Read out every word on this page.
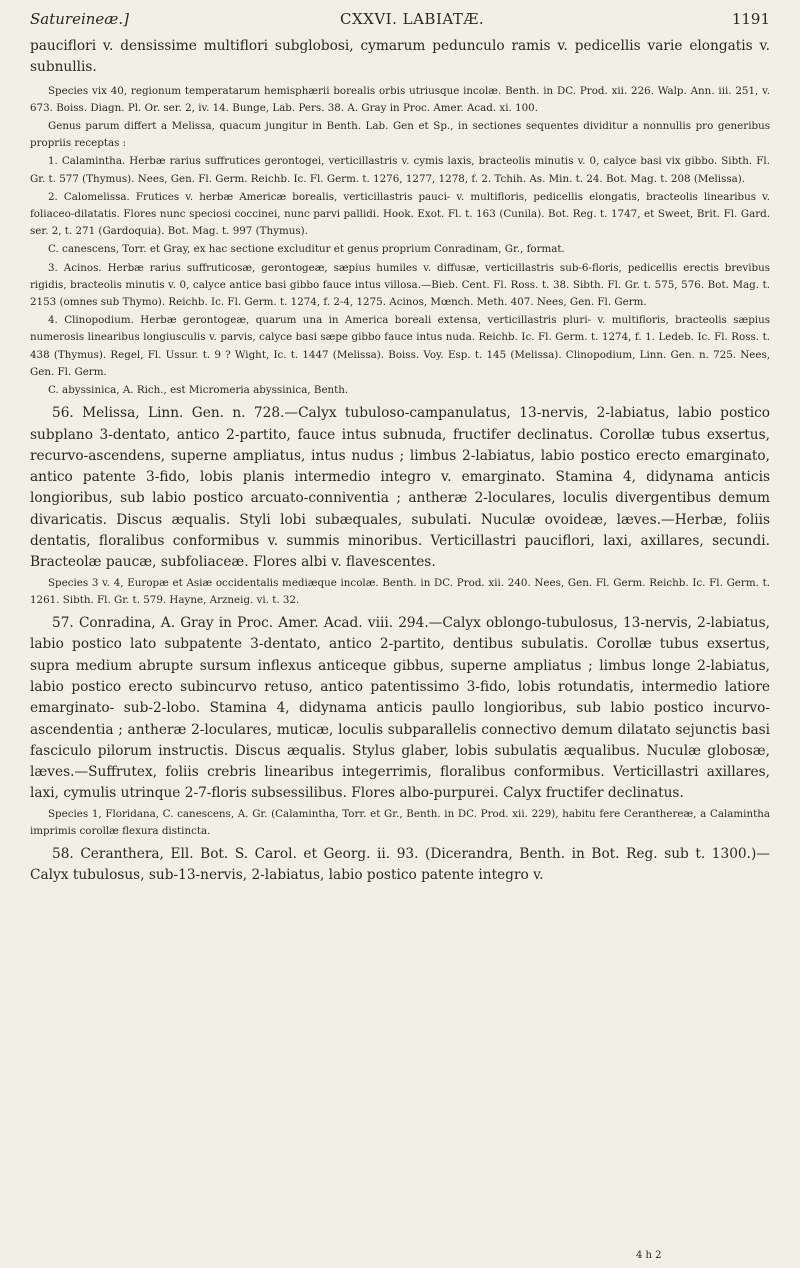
Satureineæ.]	CXXVI. LABIATÆ.	1191

pauciflori v. densissime multiflori subglobosi, cymarum pedunculo ramis v. pedicellis varie elongatis v. subnullis.

Species vix 40, regionum temperatarum hemisphærii borealis orbis utriusque incolæ. Benth. in DC. Prod. xii. 226. Walp. Ann. iii. 251, v. 673. Boiss. Diagn. Pl. Or. ser. 2, iv. 14. Bunge, Lab. Pers. 38. A. Gray in Proc. Amer. Acad. xi. 100.

Genus parum differt a Melissa, quacum jungitur in Benth. Lab. Gen et Sp., in sectiones sequentes dividitur a nonnullis pro generibus propriis receptas :

1. Calamintha. Herbæ rarius suffrutices gerontogei, verticillastris v. cymis laxis, bracteolis minutis v. 0, calyce basi vix gibbo. Sibth. Fl. Gr. t. 577 (Thymus). Nees, Gen. Fl. Germ. Reichb. Ic. Fl. Germ. t. 1276, 1277, 1278, f. 2. Tchih. As. Min. t. 24. Bot. Mag. t. 208 (Melissa).

2. Calomelissa. Frutices v. herbæ Americæ borealis, verticillastris pauci- v. multifloris, pedicellis elongatis, bracteolis linearibus v. foliaceo-dilatatis. Flores nunc speciosi coccinei, nunc parvi pallidi. Hook. Exot. Fl. t. 163 (Cunila). Bot. Reg. t. 1747, et Sweet, Brit. Fl. Gard. ser. 2, t. 271 (Gardoquia). Bot. Mag. t. 997 (Thymus).

C. canescens, Torr. et Gray, ex hac sectione excluditur et genus proprium Conradinam, Gr., format.

3. Acinos. Herbæ rarius suffruticosæ, gerontogeæ, sæpius humiles v. diffusæ, verticillastris sub-6-floris, pedicellis erectis brevibus rigidis, bracteolis minutis v. 0, calyce antice basi gibbo fauce intus villosa.—Bieb. Cent. Fl. Ross. t. 38. Sibth. Fl. Gr. t. 575, 576. Bot. Mag. t. 2153 (omnes sub Thymo). Reichb. Ic. Fl. Germ. t. 1274, f. 2-4, 1275. Acinos, Mœnch. Meth. 407. Nees, Gen. Fl. Germ.

4. Clinopodium. Herbæ gerontogeæ, quarum una in America boreali extensa, verticillastris pluri- v. multifloris, bracteolis sæpius numerosis linearibus longiusculis v. parvis, calyce basi sæpe gibbo fauce intus nuda. Reichb. Ic. Fl. Germ. t. 1274, f. 1. Ledeb. Ic. Fl. Ross. t. 438 (Thymus). Regel, Fl. Ussur. t. 9 ? Wight, Ic. t. 1447 (Melissa). Boiss. Voy. Esp. t. 145 (Melissa). Clinopodium, Linn. Gen. n. 725. Nees, Gen. Fl. Germ.

C. abyssinica, A. Rich., est Micromeria abyssinica, Benth.

56. Melissa, Linn. Gen. n. 728.—Calyx tubuloso-campanulatus, 13-nervis, 2-labiatus, labio postico subplano 3-dentato, antico 2-partito, fauce intus subnuda, fructifer declinatus. Corollæ tubus exsertus, recurvo-ascendens, superne ampliatus, intus nudus ; limbus 2-labiatus, labio postico erecto emarginato, antico patente 3-fido, lobis planis intermedio integro v. emarginato. Stamina 4, didynama anticis longioribus, sub labio postico arcuato-conniventia ; antheræ 2-loculares, loculis divergentibus demum divaricatis. Discus æqualis. Styli lobi subæquales, subulati. Nuculæ ovoideæ, læves.—Herbæ, foliis dentatis, floralibus conformibus v. summis minoribus. Verticillastri pauciflori, laxi, axillares, secundi. Bracteolæ paucæ, subfoliaceæ. Flores albi v. flavescentes.

Species 3 v. 4, Europæ et Asiæ occidentalis mediæque incolæ. Benth. in DC. Prod. xii. 240. Nees, Gen. Fl. Germ. Reichb. Ic. Fl. Germ. t. 1261. Sibth. Fl. Gr. t. 579. Hayne, Arzneig. vi. t. 32.

57. Conradina, A. Gray in Proc. Amer. Acad. viii. 294.—Calyx oblongo-tubulosus, 13-nervis, 2-labiatus, labio postico lato subpatente 3-dentato, antico 2-partito, dentibus subulatis. Corollæ tubus exsertus, supra medium abrupte sursum inflexus anticeque gibbus, superne ampliatus ; limbus longe 2-labiatus, labio postico erecto subincurvo retuso, antico patentissimo 3-fido, lobis rotundatis, intermedio latiore emarginato- sub-2-lobo. Stamina 4, didynama anticis paullo longioribus, sub labio postico incurvo-ascendentia ; antheræ 2-loculares, muticæ, loculis subparallelis connectivo demum dilatato sejunctis basi fasciculo pilorum instructis. Discus æqualis. Stylus glaber, lobis subulatis æqualibus. Nuculæ globosæ, læves.—Suffrutex, foliis crebris linearibus integerrimis, floralibus conformibus. Verticillastri axillares, laxi, cymulis utrinque 2-7-floris subsessilibus. Flores albo-purpurei. Calyx fructifer declinatus.

Species 1, Floridana, C. canescens, A. Gr. (Calamintha, Torr. et Gr., Benth. in DC. Prod. xii. 229), habitu fere Ceranthereæ, a Calamintha imprimis corollæ flexura distincta.

58. Ceranthera, Ell. Bot. S. Carol. et Georg. ii. 93. (Dicerandra, Benth. in Bot. Reg. sub t. 1300.)—Calyx tubulosus, sub-13-nervis, 2-labiatus, labio postico patente integro v.

4 h 2
